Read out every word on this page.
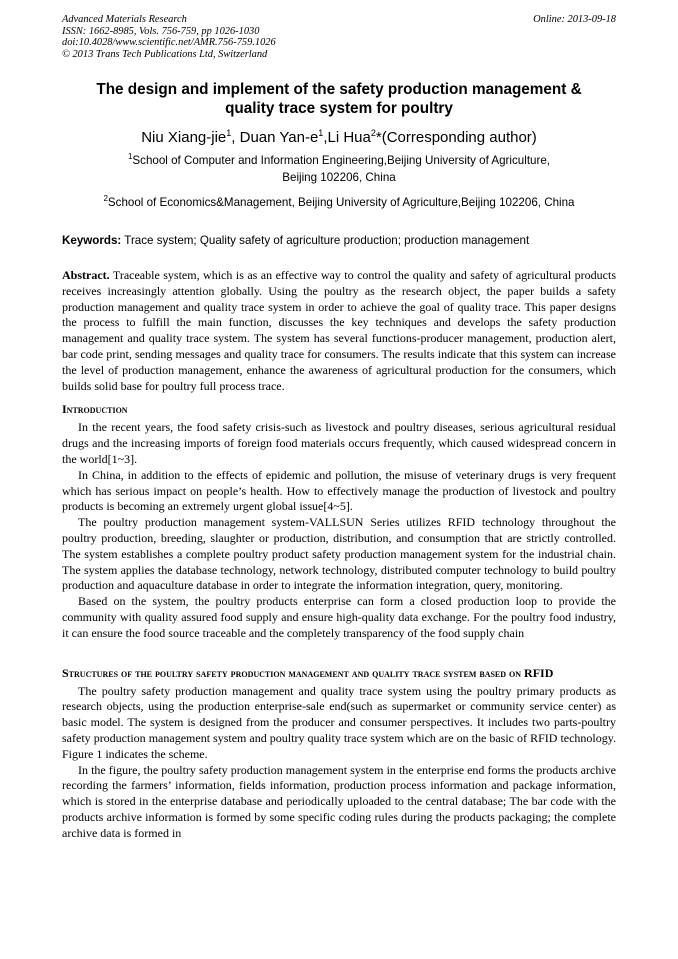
Advanced Materials Research
ISSN: 1662-8985, Vols. 756-759, pp 1026-1030
doi:10.4028/www.scientific.net/AMR.756-759.1026
© 2013 Trans Tech Publications Ltd, Switzerland
Online: 2013-09-18
The design and implement of the safety production management &
quality trace system for poultry
Niu Xiang-jie$^1$, Duan Yan-$e^1,Li$ Hua$^2$*(Corresponding author)
$^1$School of Computer and Information Engineering,Beijing University of Agriculture,
Beijing 102206, China
$^2$School of Economics&Management, Beijing University of Agriculture,Beijing 102206, China
Keywords: Trace system; Quality safety of agriculture production; production management

Abstract. Traceable system, which is as an effective way to control the quality and safety of agricultural products receives increasingly attention globally. Using the poultry as the research object, the paper builds a safety production management and quality trace system in order to achieve the goal of quality trace. This paper designs the process to fulfill the main function, discusses the key techniques and develops the safety production management and quality trace system. The system has several functions-producer management, production alert, bar code print, sending messages and quality trace for consumers. The results indicate that this system can increase the level of production management, enhance the awareness of agricultural production for the consumers, which builds solid base for poultry full process trace.

Introduction

In the recent years, the food safety crisis-such as livestock and poultry diseases, serious agricultural residual drugs and the increasing imports of foreign food materials occurs frequently, which caused widespread concern in the world[1~3].

In China, in addition to the effects of epidemic and pollution, the misuse of veterinary drugs is very frequent which has serious impact on people’s health. How to effectively manage the production of livestock and poultry products is becoming an extremely urgent global issue[4~5].

The poultry production management system-VALLSUN Series utilizes RFID technology throughout the poultry production, breeding, slaughter or production, distribution, and consumption that are strictly controlled. The system establishes a complete poultry product safety production management system for the industrial chain. The system applies the database technology, network technology, distributed computer technology to build poultry production and aquaculture database in order to integrate the information integration, query, monitoring.

Based on the system, the poultry products enterprise can form a closed production loop to provide the community with quality assured food supply and ensure high-quality data exchange. For the poultry food industry, it can ensure the food source traceable and the completely transparency of the food supply chain

Structures of the poultry safety production management and quality trace system based on RFID

The poultry safety production management and quality trace system using the poultry primary products as research objects, using the production enterprise-sale end(such as supermarket or community service center) as basic model. The system is designed from the producer and consumer perspectives. It includes two parts-poultry safety production management system and poultry quality trace system which are on the basic of RFID technology. Figure 1 indicates the scheme.

In the figure, the poultry safety production management system in the enterprise end forms the products archive recording the farmers’ information, fields information, production process information and package information, which is stored in the enterprise database and periodically uploaded to the central database; The bar code with the products archive information is formed by some specific coding rules during the products packaging; the complete archive data is formed in
